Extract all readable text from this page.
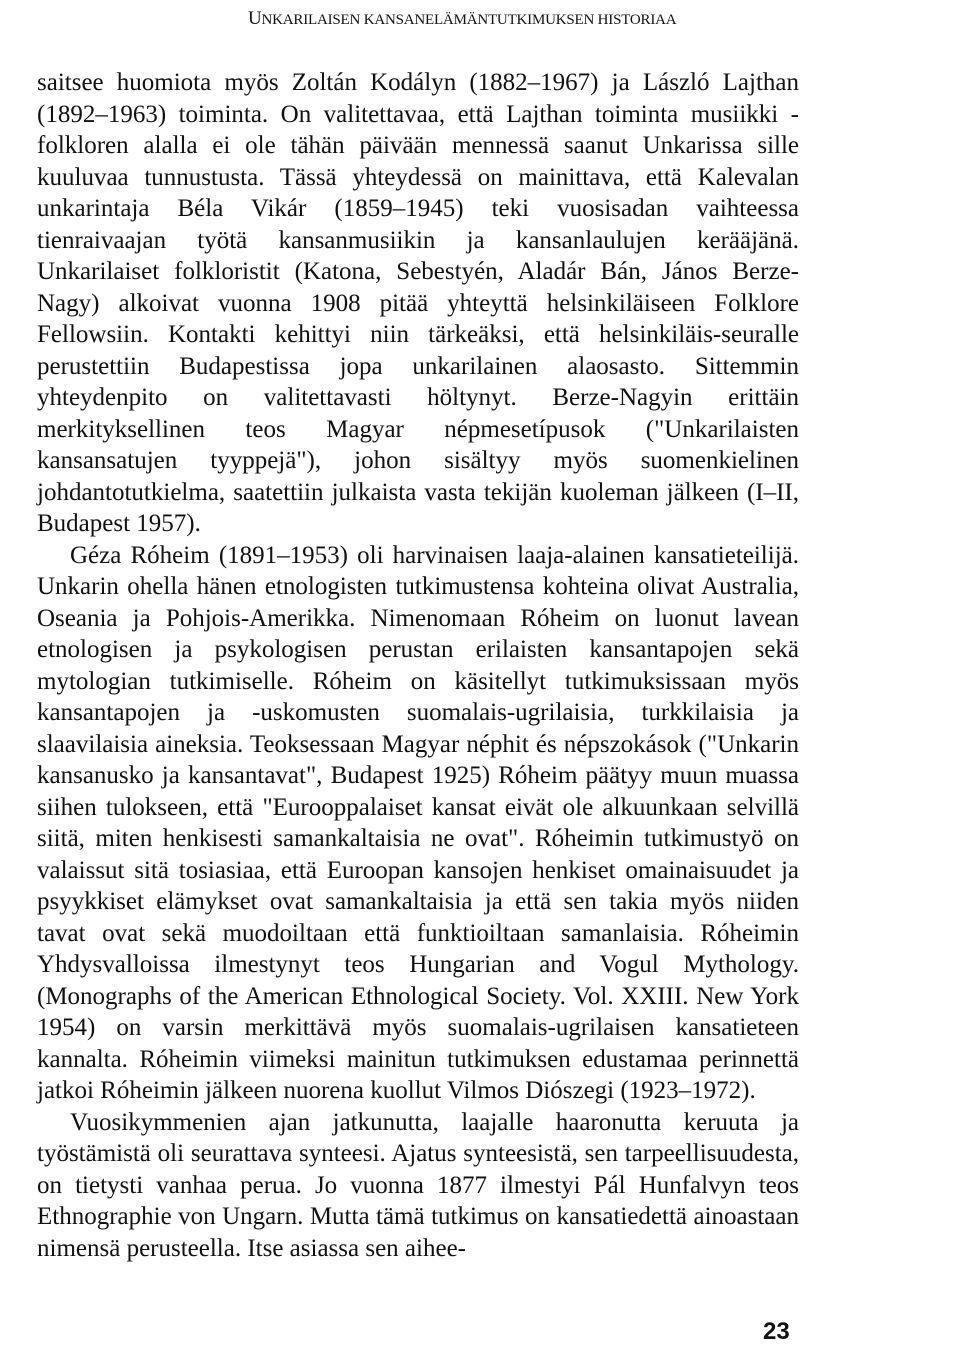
UNKARILAISEN KANSANELÄMÄNTUTKIMUKSEN HISTORIAA

saitsee huomiota myös Zoltán Kodályn (1882–1967) ja László Lajthan (1892–1963) toiminta. On valitettavaa, että Lajthan toiminta musiikki -folkloren alalla ei ole tähän päivään mennessä saanut Unkarissa sille kuuluvaa tunnustusta. Tässä yhteydessä on mainittava, että Kalevalan unkarintaja Béla Vikár (1859–1945) teki vuosisadan vaihteessa tienraivaajan työtä kansanmusiikin ja kansanlaulujen kerääjänä. Unkarilaiset folkloristit (Katona, Sebestyén, Aladár Bán, János Berze-Nagy) alkoivat vuonna 1908 pitää yhteyttä helsinkiläiseen Folklore Fellowsiin. Kontakti kehittyi niin tärkeäksi, että helsinkiläis-seuralle perustettiin Budapestissa jopa unkarilainen alaosasto. Sittemmin yhteydenpito on valitettavasti höltynyt. Berze-Nagyin erittäin merkityksellinen teos Magyar népmesetípusok ("Unkarilaisten kansansatujen tyyppejä"), johon sisältyy myös suomenkielinen johdantotutkielma, saatettiin julkaista vasta tekijän kuoleman jälkeen (I–II, Budapest 1957).

Géza Róheim (1891–1953) oli harvinaisen laaja-alainen kansatieteilijä. Unkarin ohella hänen etnologisten tutkimustensa kohteina olivat Australia, Oseania ja Pohjois-Amerikka. Nimenomaan Róheim on luonut lavean etnologisen ja psykologisen perustan erilaisten kansantapojen sekä mytologian tutkimiselle. Róheim on käsitellyt tutkimuksissaan myös kansantapojen ja -uskomusten suomalais-ugrilaisia, turkkilaisia ja slaavilaisia aineksia. Teoksessaan Magyar néphit és népszokások ("Unkarin kansanusko ja kansantavat", Budapest 1925) Róheim päätyy muun muassa siihen tulokseen, että "Eurooppalaiset kansat eivät ole alkuunkaan selvillä siitä, miten henkisesti samankaltaisia ne ovat". Róheimin tutkimustyö on valaissut sitä tosiasiaa, että Euroopan kansojen henkiset omainaisuudet ja psyykkiset elämykset ovat samankaltaisia ja että sen takia myös niiden tavat ovat sekä muodoiltaan että funktioiltaan samanlaisia. Róheimin Yhdysvalloissa ilmestynyt teos Hungarian and Vogul Mythology. (Monographs of the American Ethnological Society. Vol. XXIII. New York 1954) on varsin merkittävä myös suomalais-ugrilaisen kansatieteen kannalta. Róheimin viimeksi mainitun tutkimuksen edustamaa perinnettä jatkoi Róheimin jälkeen nuorena kuollut Vilmos Diószegi (1923–1972).

Vuosikymmenien ajan jatkunutta, laajalle haaronutta keruuta ja työstämistä oli seurattava synteesi. Ajatus synteesistä, sen tarpeellisuudesta, on tietysti vanhaa perua. Jo vuonna 1877 ilmestyi Pál Hunfalvyn teos Ethnographie von Ungarn. Mutta tämä tutkimus on kansatiedettä ainoastaan nimensä perusteella. Itse asiassa sen aihee-

23
